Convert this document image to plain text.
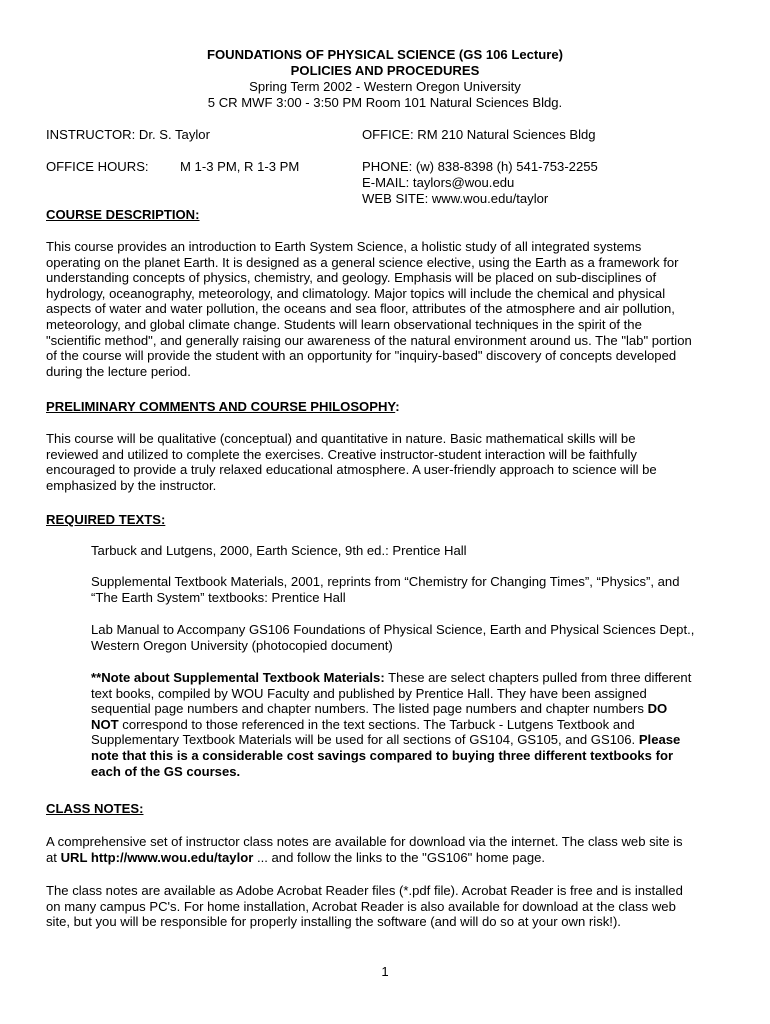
FOUNDATIONS OF PHYSICAL SCIENCE (GS 106 Lecture)
POLICIES AND PROCEDURES
Spring Term 2002 - Western Oregon University
5 CR MWF 3:00 - 3:50 PM Room 101 Natural Sciences Bldg.
INSTRUCTOR: Dr. S. Taylor	OFFICE: RM 210 Natural Sciences Bldg
OFFICE HOURS: M 1-3 PM, R 1-3 PM	PHONE: (w) 838-8398 (h) 541-753-2255
E-MAIL: taylors@wou.edu
WEB SITE: www.wou.edu/taylor
COURSE DESCRIPTION:
This course provides an introduction to Earth System Science, a holistic study of all integrated systems
operating on the planet Earth. It is designed as a general science elective, using the Earth as a framework for
understanding concepts of physics, chemistry, and geology. Emphasis will be placed on sub-disciplines of
hydrology, oceanography, meteorology, and climatology. Major topics will include the chemical and physical
aspects of water and water pollution, the oceans and sea floor, attributes of the atmosphere and air pollution,
meteorology, and global climate change. Students will learn observational techniques in the spirit of the
"scientific method", and generally raising our awareness of the natural environment around us. The "lab" portion
of the course will provide the student with an opportunity for "inquiry-based" discovery of concepts developed
during the lecture period.
PRELIMINARY COMMENTS AND COURSE PHILOSOPHY:
This course will be qualitative (conceptual) and quantitative in nature. Basic mathematical skills will be
reviewed and utilized to complete the exercises. Creative instructor-student interaction will be faithfully
encouraged to provide a truly relaxed educational atmosphere. A user-friendly approach to science will be
emphasized by the instructor.
REQUIRED TEXTS:
Tarbuck and Lutgens, 2000, Earth Science, 9th ed.: Prentice Hall
Supplemental Textbook Materials, 2001, reprints from “Chemistry for Changing Times”, “Physics”, and
“The Earth System” textbooks: Prentice Hall
Lab Manual to Accompany GS106 Foundations of Physical Science, Earth and Physical Sciences Dept.,
Western Oregon University (photocopied document)
**Note about Supplemental Textbook Materials: These are select chapters pulled from three different
text books, compiled by WOU Faculty and published by Prentice Hall. They have been assigned
sequential page numbers and chapter numbers. The listed page numbers and chapter numbers DO
NOT correspond to those referenced in the text sections. The Tarbuck - Lutgens Textbook and
Supplementary Textbook Materials will be used for all sections of GS104, GS105, and GS106. Please
note that this is a considerable cost savings compared to buying three different textbooks for
each of the GS courses.
CLASS NOTES:
A comprehensive set of instructor class notes are available for download via the internet. The class web site is
at URL http://www.wou.edu/taylor ... and follow the links to the "GS106" home page.
The class notes are available as Adobe Acrobat Reader files (*.pdf file). Acrobat Reader is free and is installed
on many campus PC's. For home installation, Acrobat Reader is also available for download at the class web
site, but you will be responsible for properly installing the software (and will do so at your own risk!).
1
